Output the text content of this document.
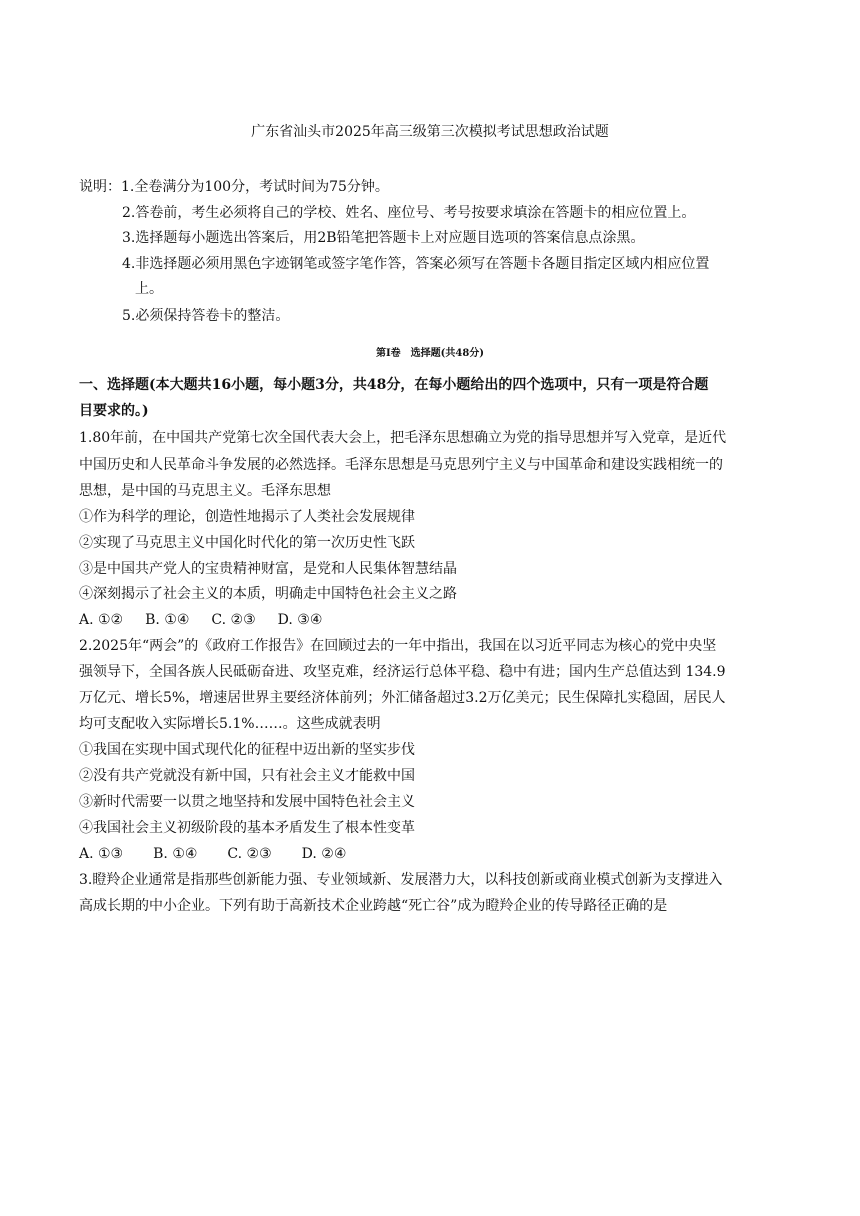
广东省汕头市2025年高三级第三次模拟考试思想政治试题
说明：1.全卷满分为100分，考试时间为75分钟。
2.答卷前，考生必须将自己的学校、姓名、座位号、考号按要求填涂在答题卡的相应位置上。
3.选择题每小题选出答案后，用2B铅笔把答题卡上对应题目选项的答案信息点涂黑。
4.非选择题必须用黑色字迹钢笔或签字笔作答，答案必须写在答题卡各题目指定区域内相应位置
上。
5.必须保持答卷卡的整洁。
第Ⅰ卷　选择题(共48分)
一、选择题(本大题共16小题，每小题3分，共48分，在每小题给出的四个选项中，只有一项是符合题
目要求的。)
1.80年前，在中国共产党第七次全国代表大会上，把毛泽东思想确立为党的指导思想并写入党章，是近代
中国历史和人民革命斗争发展的必然选择。毛泽东思想是马克思列宁主义与中国革命和建设实践相统一的
思想，是中国的马克思主义。毛泽东思想
①作为科学的理论，创造性地揭示了人类社会发展规律
②实现了马克思主义中国化时代化的第一次历史性飞跃
③是中国共产党人的宝贵精神财富，是党和人民集体智慧结晶
④深刻揭示了社会主义的本质，明确走中国特色社会主义之路
A. ①② B. ①④ C. ②③ D. ③④
2.2025年“两会”的《政府工作报告》在回顾过去的一年中指出，我国在以习近平同志为核心的党中央坚
强领导下，全国各族人民砥砺奋进、攻坚克难，经济运行总体平稳、稳中有进；国内生产总值达到 134.9
万亿元、增长5%，增速居世界主要经济体前列；外汇储备超过3.2万亿美元；民生保障扎实稳固，居民人
均可支配收入实际增长5.1%……。这些成就表明
①我国在实现中国式现代化的征程中迈出新的坚实步伐
②没有共产党就没有新中国，只有社会主义才能救中国
③新时代需要一以贯之地坚持和发展中国特色社会主义
④我国社会主义初级阶段的基本矛盾发生了根本性变革
A. ①③ B. ①④ C. ②③ D. ②④
3.瞪羚企业通常是指那些创新能力强、专业领域新、发展潜力大，以科技创新或商业模式创新为支撑进入
高成长期的中小企业。下列有助于高新技术企业跨越“死亡谷”成为瞪羚企业的传导路径正确的是
